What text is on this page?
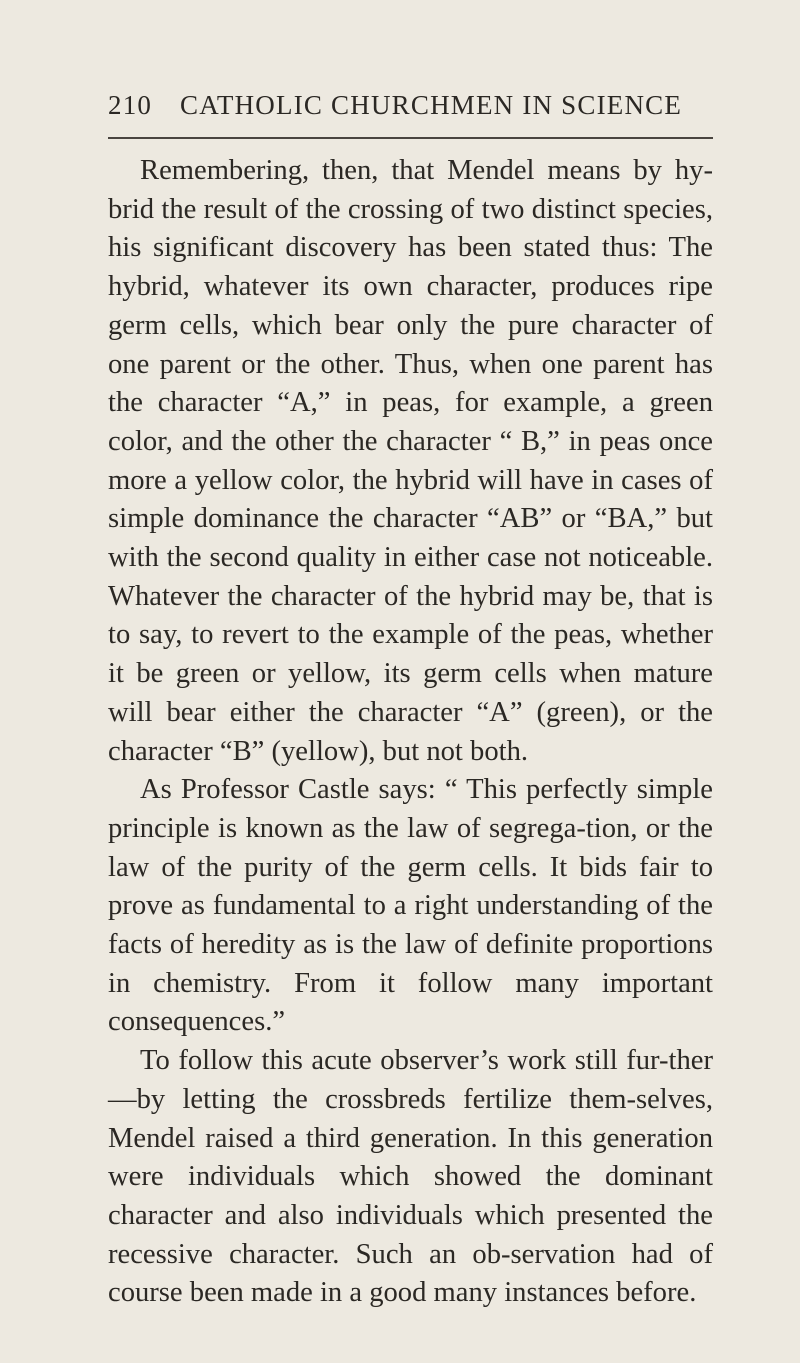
210	CATHOLIC CHURCHMEN IN SCIENCE

Remembering, then, that Mendel means by hy-brid the result of the crossing of two distinct species, his significant discovery has been stated thus: The hybrid, whatever its own character, produces ripe germ cells, which bear only the pure character of one parent or the other. Thus, when one parent has the character “A,” in peas, for example, a green color, and the other the character “ B,” in peas once more a yellow color, the hybrid will have in cases of simple dominance the character “AB” or “BA,” but with the second quality in either case not noticeable. Whatever the character of the hybrid may be, that is to say, to revert to the example of the peas, whether it be green or yellow, its germ cells when mature will bear either the character “A” (green), or the character “B” (yellow), but not both.

As Professor Castle says: “ This perfectly simple principle is known as the law of segrega-tion, or the law of the purity of the germ cells. It bids fair to prove as fundamental to a right understanding of the facts of heredity as is the law of definite proportions in chemistry. From it follow many important consequences.”

To follow this acute observer’s work still fur-ther—by letting the crossbreds fertilize them-selves, Mendel raised a third generation. In this generation were individuals which showed the dominant character and also individuals which presented the recessive character. Such an ob-servation had of course been made in a good many instances before.
